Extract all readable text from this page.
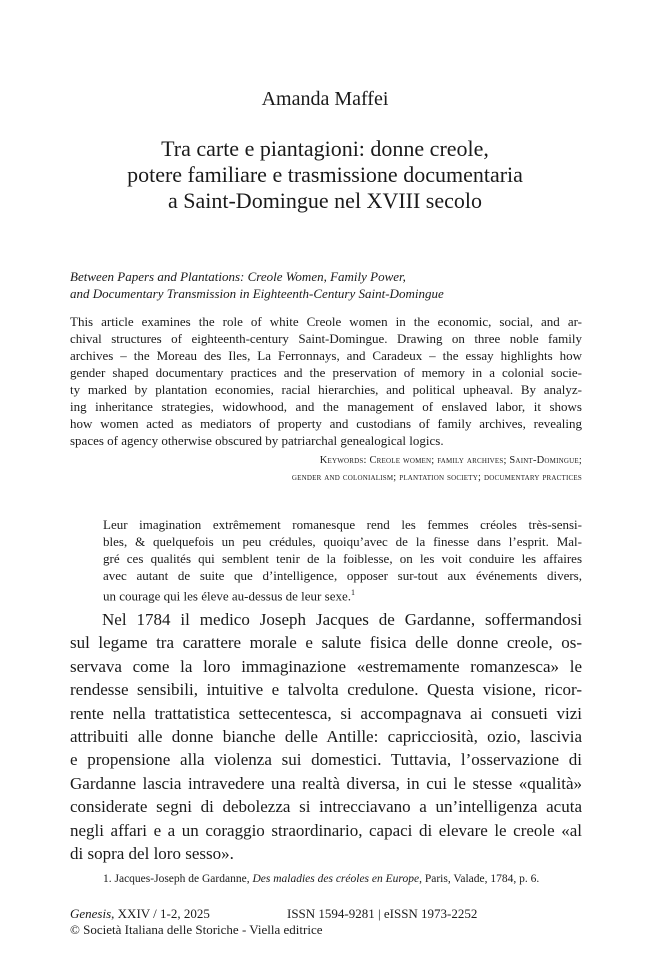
Amanda Maffei
Tra carte e piantagioni: donne creole,
potere familiare e trasmissione documentaria
a Saint-Domingue nel XVIII secolo
Between Papers and Plantations: Creole Women, Family Power,
and Documentary Transmission in Eighteenth-Century Saint-Domingue
This article examines the role of white Creole women in the economic, social, and ar-
chival structures of eighteenth-century Saint-Domingue. Drawing on three noble family
archives – the Moreau des Iles, La Ferronnays, and Caradeux – the essay highlights how
gender shaped documentary practices and the preservation of memory in a colonial socie-
ty marked by plantation economies, racial hierarchies, and political upheaval. By analyz-
ing inheritance strategies, widowhood, and the management of enslaved labor, it shows
how women acted as mediators of property and custodians of family archives, revealing
spaces of agency otherwise obscured by patriarchal genealogical logics.
Keywords: Creole women; family archives; Saint-Domingue;
gender and colonialism; plantation society; documentary practices
Leur imagination extrêmement romanesque rend les femmes créoles très-sensi-
bles, & quelquefois un peu crédules, quoiqu’avec de la finesse dans l’esprit. Mal-
gré ces qualités qui semblent tenir de la foiblesse, on les voit conduire les affaires
avec autant de suite que d’intelligence, opposer sur-tout aux événements divers,
un courage qui les éleve au-dessus de leur sexe.$^1$
Nel 1784 il medico Joseph Jacques de Gardanne, soffermandosi
sul legame tra carattere morale e salute fisica delle donne creole, os-
servava come la loro immaginazione «estremamente romanzesca» le
rendesse sensibili, intuitive e talvolta credulone. Questa visione, ricor-
rente nella trattatistica settecentesca, si accompagnava ai consueti vizi
attribuiti alle donne bianche delle Antille: capricciosità, ozio, lascivia
e propensione alla violenza sui domestici. Tuttavia, l’osservazione di
Gardanne lascia intravedere una realtà diversa, in cui le stesse «qualità»
considerate segni di debolezza si intrecciavano a un’intelligenza acuta
negli affari e a un coraggio straordinario, capaci di elevare le creole «al
di sopra del loro sesso».
1. Jacques-Joseph de Gardanne, Des maladies des créoles en Europe, Paris, Valade, 1784, p. 6.
Genesis, XXIV / 1-2, 2025	ISSN 1594-9281 | eISSN 1973-2252
© Società Italiana delle Storiche - Viella editrice
